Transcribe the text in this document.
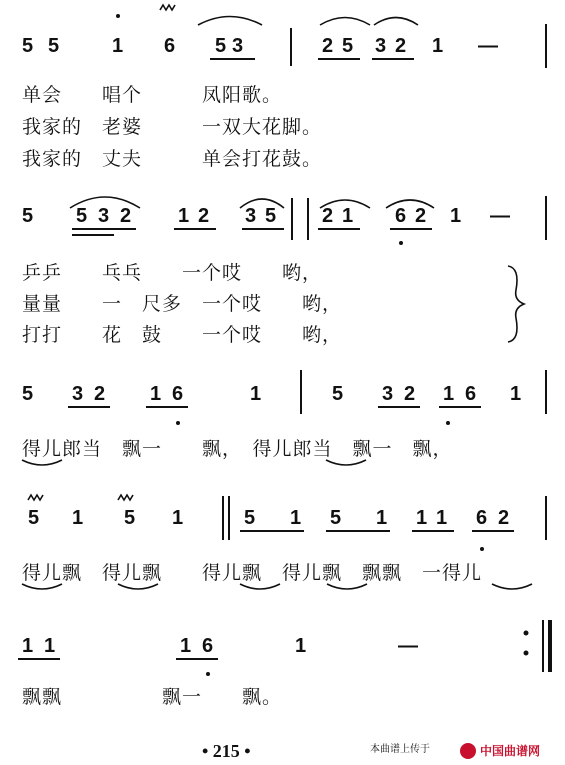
5 5	1 6 5 3	2 5 3 2 1 —
单会　　唱个　　　凤阳歌。
我家的　老婆　　　一双大花脚。
我家的　丈夫　　　单会打花鼓。
5 5 3 2 1 2 3 5 2 1 6 2 1 —
乒乒　　乓乓　　一个哎　　哟，
量量　　一　尺多　一个哎　　哟，
打打　　花　鼓　　一个哎　　哟，
5 3 2 1 6	1	5 3 2 1 6 1
得儿郎当　飘一　　飘，　得儿郎当　飘一　飘，
5 1 5 1	5 1 5 1 1 1 6 2
得儿飘　得儿飘　　得儿飘　得儿飘　飘飘　一得儿
1 1	1 6	1	—
飘飘　　　　　飘一　　飘。
• 215 •	本曲谱上传于	中国曲谱网
